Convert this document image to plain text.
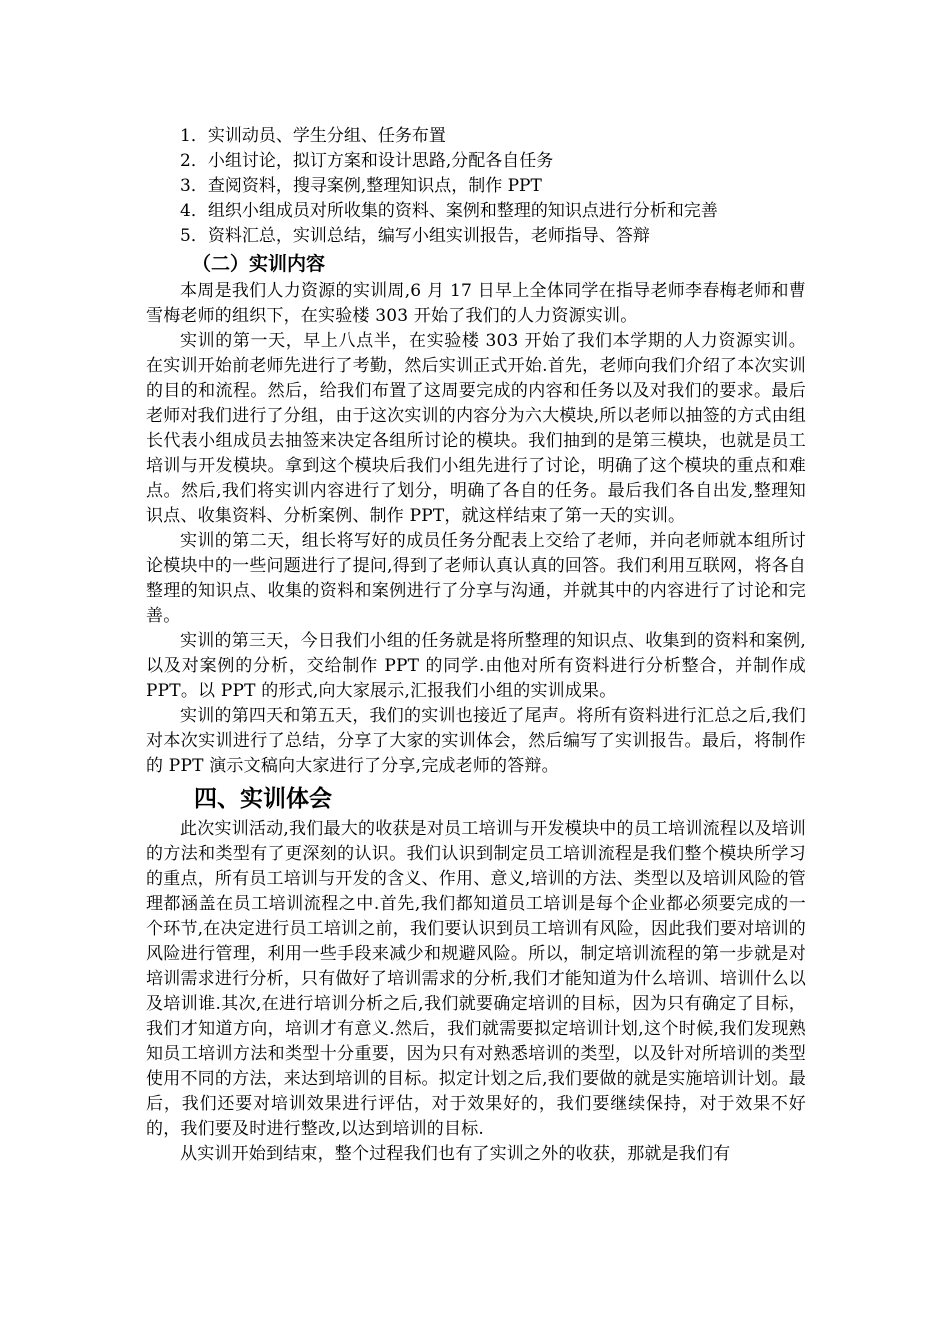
1．实训动员、学生分组、任务布置
2．小组讨论，拟订方案和设计思路,分配各自任务
3．查阅资料，搜寻案例,整理知识点，制作 PPT
4．组织小组成员对所收集的资料、案例和整理的知识点进行分析和完善
5．资料汇总，实训总结，编写小组实训报告，老师指导、答辩
（二）实训内容

本周是我们人力资源的实训周,6 月 17 日早上全体同学在指导老师李春梅老师和曹雪梅老师的组织下，在实验楼 303 开始了我们的人力资源实训。

实训的第一天，早上八点半，在实验楼 303 开始了我们本学期的人力资源实训。在实训开始前老师先进行了考勤，然后实训正式开始.首先，老师向我们介绍了本次实训的目的和流程。然后，给我们布置了这周要完成的内容和任务以及对我们的要求。最后老师对我们进行了分组，由于这次实训的内容分为六大模块,所以老师以抽签的方式由组长代表小组成员去抽签来决定各组所讨论的模块。我们抽到的是第三模块，也就是员工培训与开发模块。拿到这个模块后我们小组先进行了讨论，明确了这个模块的重点和难点。然后,我们将实训内容进行了划分，明确了各自的任务。最后我们各自出发,整理知识点、收集资料、分析案例、制作 PPT，就这样结束了第一天的实训。

实训的第二天，组长将写好的成员任务分配表上交给了老师，并向老师就本组所讨论模块中的一些问题进行了提问,得到了老师认真认真的回答。我们利用互联网，将各自整理的知识点、收集的资料和案例进行了分享与沟通，并就其中的内容进行了讨论和完善。

实训的第三天，今日我们小组的任务就是将所整理的知识点、收集到的资料和案例,以及对案例的分析，交给制作 PPT 的同学.由他对所有资料进行分析整合，并制作成 PPT。以 PPT 的形式,向大家展示,汇报我们小组的实训成果。

实训的第四天和第五天，我们的实训也接近了尾声。将所有资料进行汇总之后,我们对本次实训进行了总结，分享了大家的实训体会，然后编写了实训报告。最后，将制作的 PPT 演示文稿向大家进行了分享,完成老师的答辩。

四、实训体会

此次实训活动,我们最大的收获是对员工培训与开发模块中的员工培训流程以及培训的方法和类型有了更深刻的认识。我们认识到制定员工培训流程是我们整个模块所学习的重点，所有员工培训与开发的含义、作用、意义,培训的方法、类型以及培训风险的管理都涵盖在员工培训流程之中.首先,我们都知道员工培训是每个企业都必须要完成的一个环节,在决定进行员工培训之前，我们要认识到员工培训有风险，因此我们要对培训的风险进行管理，利用一些手段来减少和规避风险。所以，制定培训流程的第一步就是对培训需求进行分析，只有做好了培训需求的分析,我们才能知道为什么培训、培训什么以及培训谁.其次,在进行培训分析之后,我们就要确定培训的目标，因为只有确定了目标，我们才知道方向，培训才有意义.然后，我们就需要拟定培训计划,这个时候,我们发现熟知员工培训方法和类型十分重要，因为只有对熟悉培训的类型，以及针对所培训的类型使用不同的方法，来达到培训的目标。拟定计划之后,我们要做的就是实施培训计划。最后，我们还要对培训效果进行评估，对于效果好的，我们要继续保持，对于效果不好的，我们要及时进行整改,以达到培训的目标.

从实训开始到结束，整个过程我们也有了实训之外的收获，那就是我们有
